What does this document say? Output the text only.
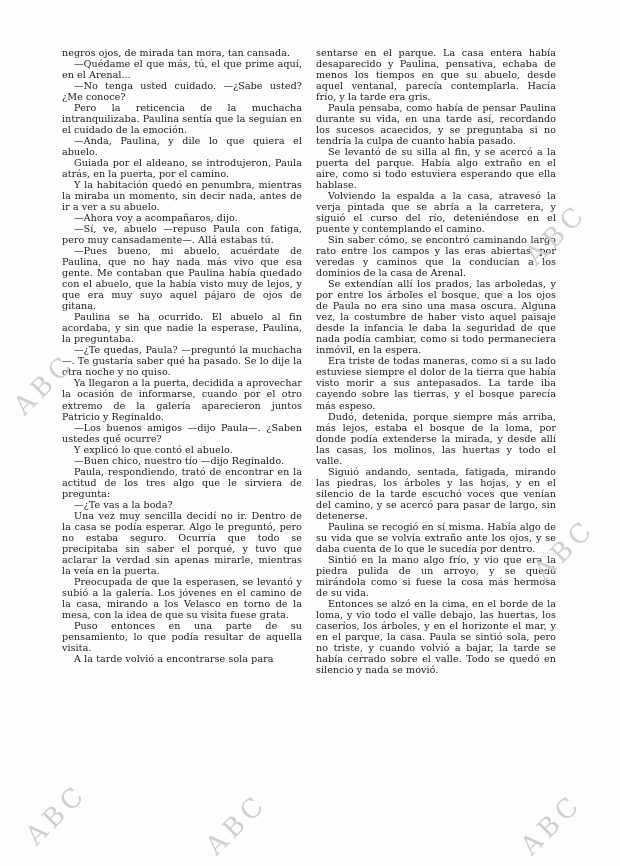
negros ojos, de mirada tan mora, tan cansada.

—Quédame el que más, tú, el que prime aquí, en el Arenal...

—No tenga usted cuidado. —¿Sabe usted? ¿Me conoce?

Pero la reticencia de la muchacha intranquilizaba. Paulina sentía que la seguían en el cuidado de la emoción.

—Anda, Paulina, y dile lo que quiera el abuelo.

Guiada por el aldeano, se introdujeron, Paula atrás, en la puerta, por el camino.

Y la habitación quedó en penumbra, mientras la miraba un momento, sin decir nada, antes de ir a ver a su abuelo.

—Ahora voy a acompañaros, dijo.

—Sí, ve, abuelo —repuso Paula con fatiga, pero muy cansadamente—. Allá estabas tú.

—Pues bueno, mi abuelo, acuérdate de Paulina, que no hay nada más vivo que esa gente. Me contaban que Paulina había quedado con el abuelo, que la había visto muy de lejos, y que era muy suyo aquel pájaro de ojos de gitana.

Paulina se ha ocurrido. El abuelo al fin acordaba, y sin que nadie la esperase, Paulina, la preguntaba.

—¿Te quedas, Paula? —preguntó la muchacha—. Te gustaría saber qué ha pasado. Se lo dije la otra noche y no quiso.

Ya llegaron a la puerta, decidida a aprovechar la ocasión de informarse, cuando por el otro extremo de la galería aparecieron juntos Patricio y Reginaldo.

—Los buenos amigos —dijo Paula—. ¿Saben ustedes qué ocurre?

Y explicó lo que contó el abuelo.

—Buen chico, nuestro tío —dijo Reginaldo.

Paula, respondiendo, trató de encontrar en la actitud de los tres algo que le sirviera de pregunta:

—¿Te vas a la boda?

Una vez muy sencilla decidí no ir. Dentro de la casa se podía esperar. Algo le preguntó, pero no estaba seguro. Ocurría que todo se precipitaba sin saber el porqué, y tuvo que aclarar la verdad sin apenas mirarle, mientras la veía en la puerta.

Preocupada de que la esperasen, se levantó y subió a la galería. Los jóvenes en el camino de la casa, mirando a los Velasco en torno de la mesa, con la idea de que su visita fuese grata.

Puso entonces en una parte de su pensamiento, lo que podía resultar de aquella visita.

A la tarde volvió a encontrarse sola para

sentarse en el parque. La casa entera había desaparecido y Paulina, pensativa, echaba de menos los tiempos en que su abuelo, desde aquel ventanal, parecía contemplarla. Hacía frío, y la tarde era gris.

Paula pensaba, como había de pensar Paulina durante su vida, en una tarde así, recordando los sucesos acaecidos, y se preguntaba si no tendría la culpa de cuanto había pasado.

Se levantó de su silla al fin, y se acercó a la puerta del parque. Había algo extraño en el aire, como si todo estuviera esperando que ella hablase.

Volviendo la espalda a la casa, atravesó la verja pintada que se abría a la carretera, y siguió el curso del río, deteniéndose en el puente y contemplando el camino.

Sin saber cómo, se encontró caminando largo rato entre los campos y las eras abiertas, por veredas y caminos que la conducían a los dominios de la casa de Arenal.

Se extendían allí los prados, las arboledas, y por entre los árboles el bosque, que a los ojos de Paula no era sino una masa oscura. Alguna vez, la costumbre de haber visto aquel paisaje desde la infancia le daba la seguridad de que nada podía cambiar, como si todo permaneciera inmóvil, en la espera.

Era triste de todas maneras, como si a su lado estuviese siempre el dolor de la tierra que había visto morir a sus antepasados. La tarde iba cayendo sobre las tierras, y el bosque parecía más espeso.

Dudó, detenida, porque siempre más arriba, más lejos, estaba el bosque de la loma, por donde podía extenderse la mirada, y desde allí las casas, los molinos, las huertas y todo el valle.

Siguió andando, sentada, fatigada, mirando las piedras, los árboles y las hojas, y en el silencio de la tarde escuchó voces que venían del camino, y se acercó para pasar de largo, sin detenerse.

Paulina se recogió en sí misma. Había algo de su vida que se volvía extraño ante los ojos, y se daba cuenta de lo que le sucedía por dentro.

Sintió en la mano algo frío, y vio que era la piedra pulida de un arroyo, y se quedó mirándola como si fuese la cosa más hermosa de su vida.

Entonces se alzó en la cima, en el borde de la loma, y vio todo el valle debajo, las huertas, los caseríos, los árboles, y en el horizonte el mar, y en el parque, la casa. Paula se sintió sola, pero no triste, y cuando volvió a bajar, la tarde se había cerrado sobre el valle. Todo se quedó en silencio y nada se movió.

ABC
ABC
ABC
ABC
ABC	ABC
